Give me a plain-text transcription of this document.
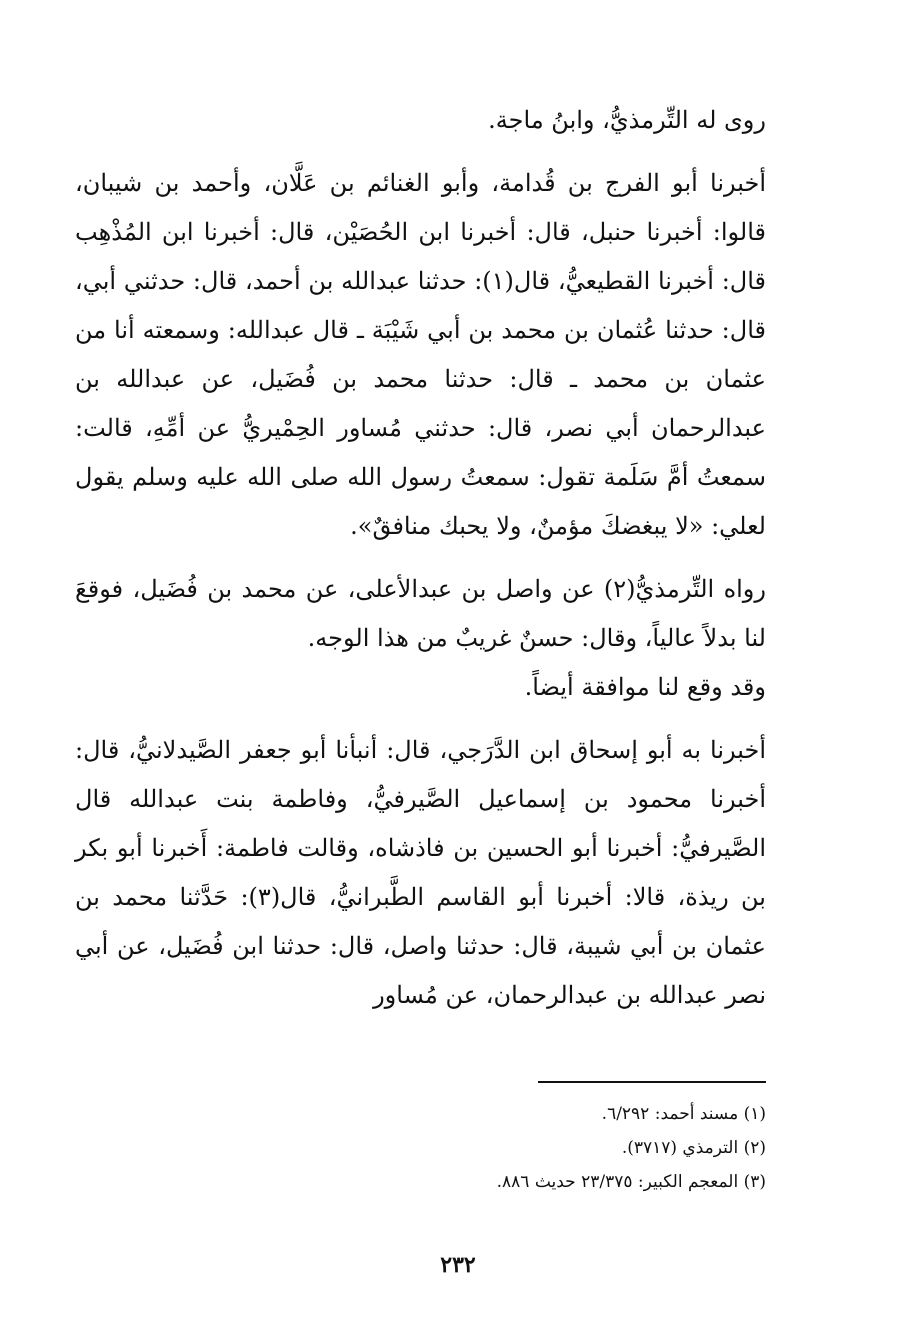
روى له التِّرمذيُّ، وابنُ ماجة.

أخبرنا أبو الفرج بن قُدامة، وأبو الغنائم بن عَلَّان، وأحمد بن شيبان، قالوا: أخبرنا حنبل، قال: أخبرنا ابن الحُصَيْن، قال: أخبرنا ابن المُذْهِب قال: أخبرنا القطيعيُّ، قال(١): حدثنا عبدالله بن أحمد، قال: حدثني أبي، قال: حدثنا عُثمان بن محمد بن أبي شَيْبَة ـ قال عبدالله: وسمعته أنا من عثمان بن محمد ـ قال: حدثنا محمد بن فُضَيل، عن عبدالله بن عبدالرحمان أبي نصر، قال: حدثني مُساور الحِمْيريُّ عن أمِّهِ، قالت: سمعتُ أمَّ سَلَمة تقول: سمعتُ رسول الله صلى الله عليه وسلم يقول لعلي: «لا يبغضكَ مؤمنٌ، ولا يحبك منافقٌ».

رواه التِّرمذيُّ(٢) عن واصل بن عبدالأعلى، عن محمد بن فُضَيل، فوقعَ لنا بدلاً عالياً، وقال: حسنٌ غريبٌ من هذا الوجه.

وقد وقع لنا موافقة أيضاً.

أخبرنا به أبو إسحاق ابن الدَّرَجي، قال: أنبأنا أبو جعفر الصَّيدلانيُّ، قال: أخبرنا محمود بن إسماعيل الصَّيرفيُّ، وفاطمة بنت عبدالله قال الصَّيرفيُّ: أخبرنا أبو الحسين بن فاذشاه، وقالت فاطمة: أَخبرنا أبو بكر بن ريذة، قالا: أخبرنا أبو القاسم الطَّبرانيُّ، قال(٣): حَدَّثنا محمد بن عثمان بن أبي شيبة، قال: حدثنا واصل، قال: حدثنا ابن فُضَيل، عن أبي نصر عبدالله بن عبدالرحمان، عن مُساور

(١) مسند أحمد: ٦/٢٩٢.
(٢) الترمذي (٣٧١٧).
(٣) المعجم الكبير: ٢٣/٣٧٥ حديث ٨٨٦.
٢٣٢
